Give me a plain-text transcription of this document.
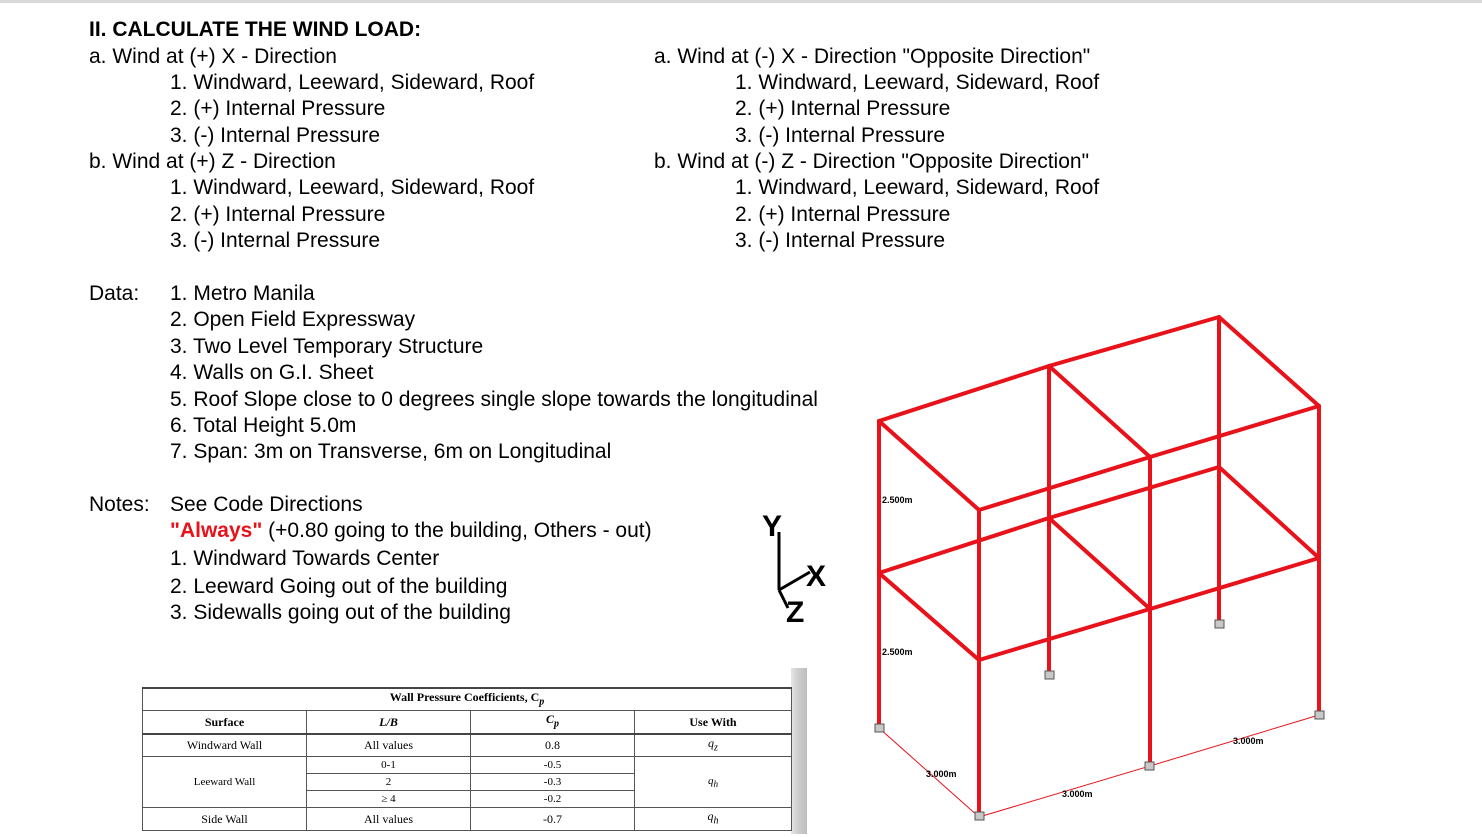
II. CALCULATE THE WIND LOAD:
a. Wind at (+) X - Direction
1. Windward, Leeward, Sideward, Roof
2. (+) Internal Pressure
3. (-) Internal Pressure
b. Wind at (+) Z - Direction
1. Windward, Leeward, Sideward, Roof
2. (+) Internal Pressure
3. (-) Internal Pressure
a. Wind at (-) X - Direction "Opposite Direction"
1. Windward, Leeward, Sideward, Roof
2. (+) Internal Pressure
3. (-) Internal Pressure
b. Wind at (-) Z - Direction "Opposite Direction"
1. Windward, Leeward, Sideward, Roof
2. (+) Internal Pressure
3. (-) Internal Pressure
Data: 1. Metro Manila
2. Open Field Expressway
3. Two Level Temporary Structure
4. Walls on G.I. Sheet
5. Roof Slope close to 0 degrees single slope towards the longitudinal
6. Total Height 5.0m
7. Span: 3m on Transverse, 6m on Longitudinal
Notes: See Code Directions
"Always" (+0.80 going to the building, Others - out)
1. Windward Towards Center
2. Leeward Going out of the building
3. Sidewalls going out of the building
Y
X
Z
Wall Pressure Coefficients, $C_p$
Surface	L/B	$C_p$	Use With
Windward Wall	All values	0.8	$q_z$
Leeward Wall	0-1	-0.5	$q_h$
	2	-0.3	
	≥ 4	-0.2	
Side Wall	All values	-0.7	$q_h$
2.500m
2.500m
3.000m
3.000m
3.000m
